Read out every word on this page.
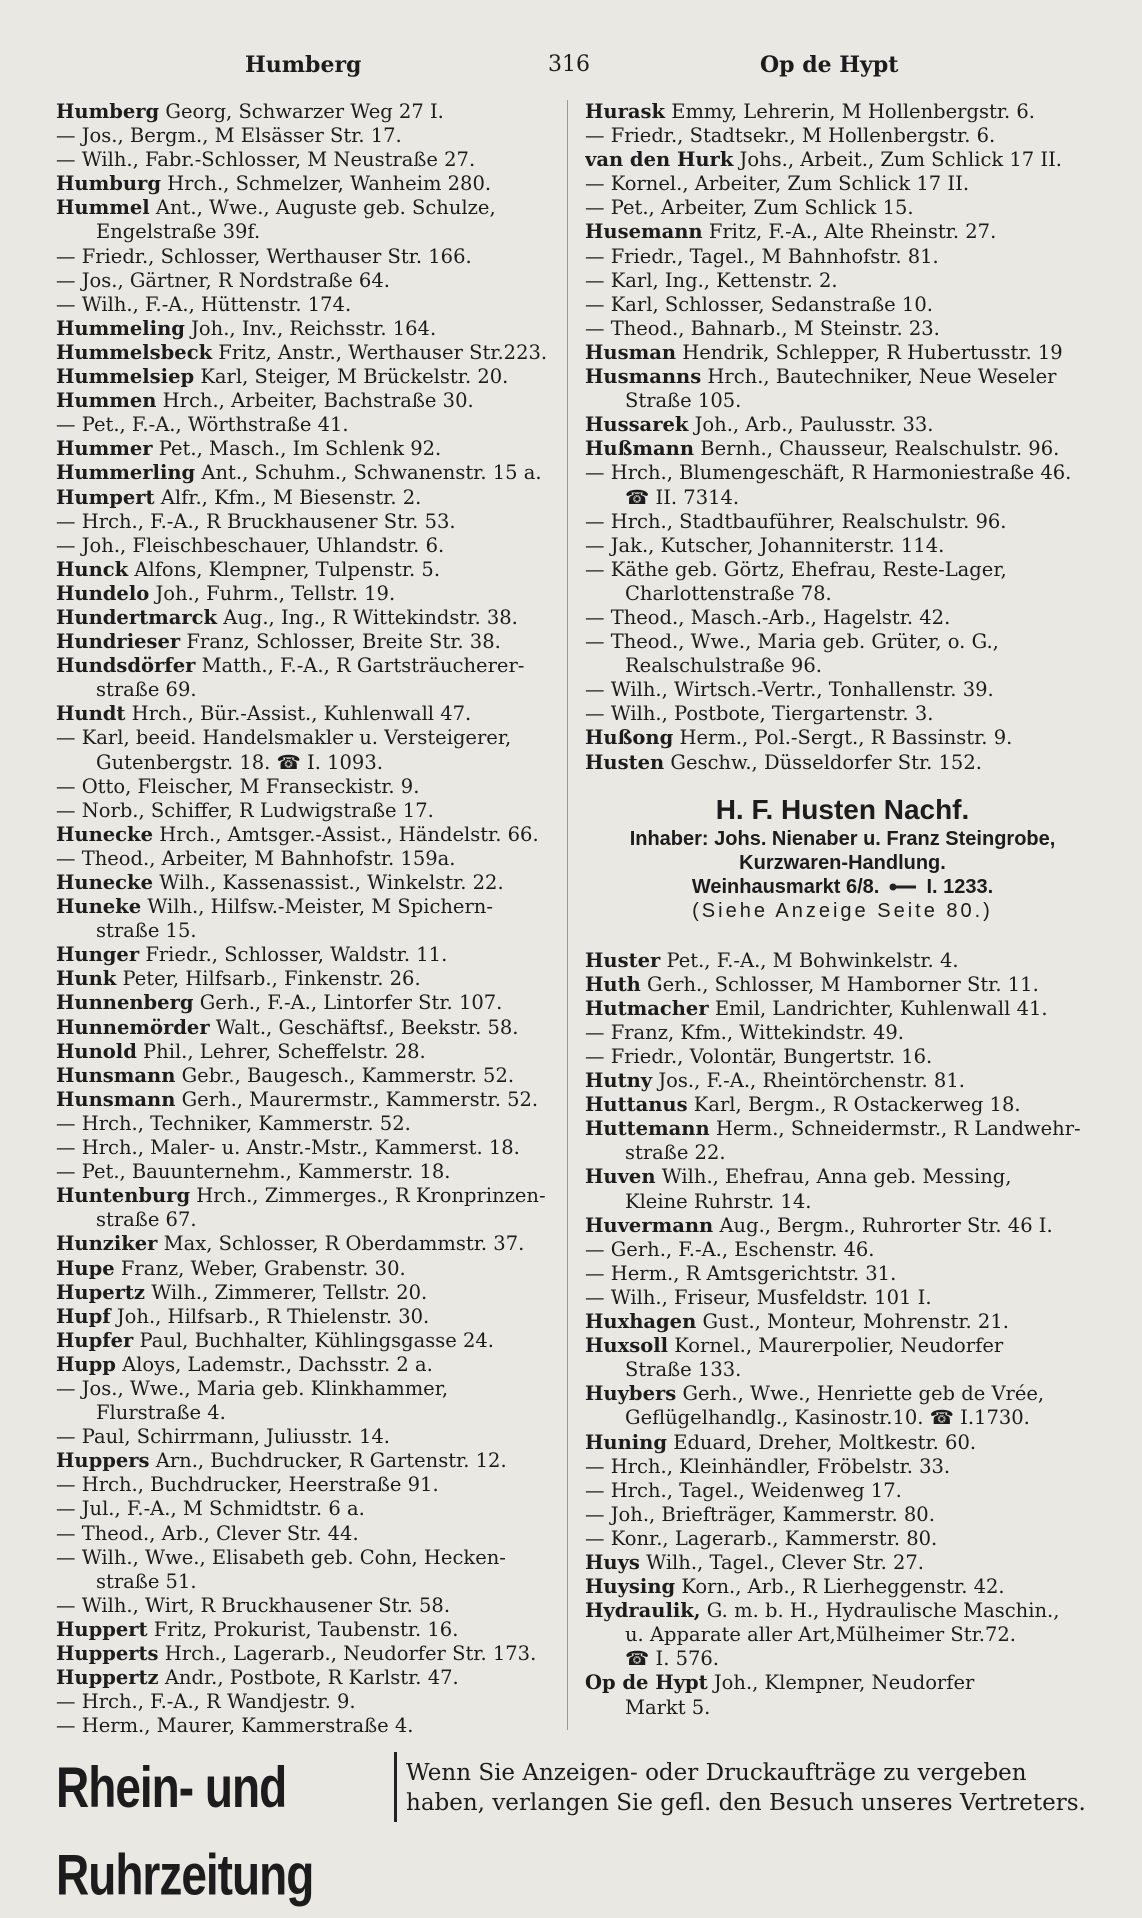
Humberg	316	Op de Hypt
Humberg Georg, Schwarzer Weg 27 I.
— Jos., Bergm., M Elsässer Str. 17.
— Wilh., Fabr.-Schlosser, M Neustraße 27.
Humburg Hrch., Schmelzer, Wanheim 280.
Hummel Ant., Wwe., Auguste geb. Schulze,
Engelstraße 39f.
— Friedr., Schlosser, Werthauser Str. 166.
— Jos., Gärtner, R Nordstraße 64.
— Wilh., F.-A., Hüttenstr. 174.
Hummeling Joh., Inv., Reichsstr. 164.
Hummelsbeck Fritz, Anstr., Werthauser Str.223.
Hummelsiep Karl, Steiger, M Brückelstr. 20.
Hummen Hrch., Arbeiter, Bachstraße 30.
— Pet., F.-A., Wörthstraße 41.
Hummer Pet., Masch., Im Schlenk 92.
Hummerling Ant., Schuhm., Schwanenstr. 15 a.
Humpert Alfr., Kfm., M Biesenstr. 2.
— Hrch., F.-A., R Bruckhausener Str. 53.
— Joh., Fleischbeschauer, Uhlandstr. 6.
Hunck Alfons, Klempner, Tulpenstr. 5.
Hundelo Joh., Fuhrm., Tellstr. 19.
Hundertmarck Aug., Ing., R Wittekindstr. 38.
Hundrieser Franz, Schlosser, Breite Str. 38.
Hundsdörfer Matth., F.-A., R Gartsträucherer-
straße 69.
Hundt Hrch., Bür.-Assist., Kuhlenwall 47.
— Karl, beeid. Handelsmakler u. Versteigerer,
Gutenbergstr. 18. ☎ I. 1093.
— Otto, Fleischer, M Franseckistr. 9.
— Norb., Schiffer, R Ludwigstraße 17.
Hunecke Hrch., Amtsger.-Assist., Händelstr. 66.
— Theod., Arbeiter, M Bahnhofstr. 159a.
Hunecke Wilh., Kassenassist., Winkelstr. 22.
Huneke Wilh., Hilfsw.-Meister, M Spichern-
straße 15.
Hunger Friedr., Schlosser, Waldstr. 11.
Hunk Peter, Hilfsarb., Finkenstr. 26.
Hunnenberg Gerh., F.-A., Lintorfer Str. 107.
Hunnemörder Walt., Geschäftsf., Beekstr. 58.
Hunold Phil., Lehrer, Scheffelstr. 28.
Hunsmann Gebr., Baugesch., Kammerstr. 52.
Hunsmann Gerh., Maurermstr., Kammerstr. 52.
— Hrch., Techniker, Kammerstr. 52.
— Hrch., Maler- u. Anstr.-Mstr., Kammerst. 18.
— Pet., Bauunternehm., Kammerstr. 18.
Huntenburg Hrch., Zimmerges., R Kronprinzen-
straße 67.
Hunziker Max, Schlosser, R Oberdammstr. 37.
Hupe Franz, Weber, Grabenstr. 30.
Hupertz Wilh., Zimmerer, Tellstr. 20.
Hupf Joh., Hilfsarb., R Thielenstr. 30.
Hupfer Paul, Buchhalter, Kühlingsgasse 24.
Hupp Aloys, Lademstr., Dachsstr. 2 a.
— Jos., Wwe., Maria geb. Klinkhammer,
Flurstraße 4.
— Paul, Schirrmann, Juliusstr. 14.
Huppers Arn., Buchdrucker, R Gartenstr. 12.
— Hrch., Buchdrucker, Heerstraße 91.
— Jul., F.-A., M Schmidtstr. 6 a.
— Theod., Arb., Clever Str. 44.
— Wilh., Wwe., Elisabeth geb. Cohn, Hecken-
straße 51.
— Wilh., Wirt, R Bruckhausener Str. 58.
Huppert Fritz, Prokurist, Taubenstr. 16.
Hupperts Hrch., Lagerarb., Neudorfer Str. 173.
Huppertz Andr., Postbote, R Karlstr. 47.
— Hrch., F.-A., R Wandjestr. 9.
— Herm., Maurer, Kammerstraße 4.
Hurask Emmy, Lehrerin, M Hollenbergstr. 6.
— Friedr., Stadtsekr., M Hollenbergstr. 6.
van den Hurk Johs., Arbeit., Zum Schlick 17 II.
— Kornel., Arbeiter, Zum Schlick 17 II.
— Pet., Arbeiter, Zum Schlick 15.
Husemann Fritz, F.-A., Alte Rheinstr. 27.
— Friedr., Tagel., M Bahnhofstr. 81.
— Karl, Ing., Kettenstr. 2.
— Karl, Schlosser, Sedanstraße 10.
— Theod., Bahnarb., M Steinstr. 23.
Husman Hendrik, Schlepper, R Hubertusstr. 19
Husmanns Hrch., Bautechniker, Neue Weseler
Straße 105.
Hussarek Joh., Arb., Paulusstr. 33.
Hußmann Bernh., Chausseur, Realschulstr. 96.
— Hrch., Blumengeschäft, R Harmoniestraße 46.
☎ II. 7314.
— Hrch., Stadtbauführer, Realschulstr. 96.
— Jak., Kutscher, Johanniterstr. 114.
— Käthe geb. Görtz, Ehefrau, Reste-Lager,
Charlottenstraße 78.
— Theod., Masch.-Arb., Hagelstr. 42.
— Theod., Wwe., Maria geb. Grüter, o. G.,
Realschulstraße 96.
— Wilh., Wirtsch.-Vertr., Tonhallenstr. 39.
— Wilh., Postbote, Tiergartenstr. 3.
Hußong Herm., Pol.-Sergt., R Bassinstr. 9.
Husten Geschw., Düsseldorfer Str. 152.
H. F. Husten Nachf.
Inhaber: Johs. Nienaber u. Franz Steingrobe,
Kurzwaren-Handlung.
Weinhausmarkt 6/8. I. 1233.
(Siehe Anzeige Seite 80.)
Huster Pet., F.-A., M Bohwinkelstr. 4.
Huth Gerh., Schlosser, M Hamborner Str. 11.
Hutmacher Emil, Landrichter, Kuhlenwall 41.
— Franz, Kfm., Wittekindstr. 49.
— Friedr., Volontär, Bungertstr. 16.
Hutny Jos., F.-A., Rheintörchenstr. 81.
Huttanus Karl, Bergm., R Ostackerweg 18.
Huttemann Herm., Schneidermstr., R Landwehr-
straße 22.
Huven Wilh., Ehefrau, Anna geb. Messing,
Kleine Ruhrstr. 14.
Huvermann Aug., Bergm., Ruhrorter Str. 46 I.
— Gerh., F.-A., Eschenstr. 46.
— Herm., R Amtsgerichtstr. 31.
— Wilh., Friseur, Musfeldstr. 101 I.
Huxhagen Gust., Monteur, Mohrenstr. 21.
Huxsoll Kornel., Maurerpolier, Neudorfer
Straße 133.
Huybers Gerh., Wwe., Henriette geb de Vrée,
Geflügelhandlg., Kasinostr.10. ☎ I.1730.
Huning Eduard, Dreher, Moltkestr. 60.
— Hrch., Kleinhändler, Fröbelstr. 33.
— Hrch., Tagel., Weidenweg 17.
— Joh., Briefträger, Kammerstr. 80.
— Konr., Lagerarb., Kammerstr. 80.
Huys Wilh., Tagel., Clever Str. 27.
Huysing Korn., Arb., R Lierheggenstr. 42.
Hydraulik, G. m. b. H., Hydraulische Maschin.,
u. Apparate aller Art,Mülheimer Str.72.
☎ I. 576.
Op de Hypt Joh., Klempner, Neudorfer
Markt 5.
Rhein- und Ruhrzeitung
Wenn Sie Anzeigen- oder Druckaufträge zu vergeben
haben, verlangen Sie gefl. den Besuch unseres Vertreters.
